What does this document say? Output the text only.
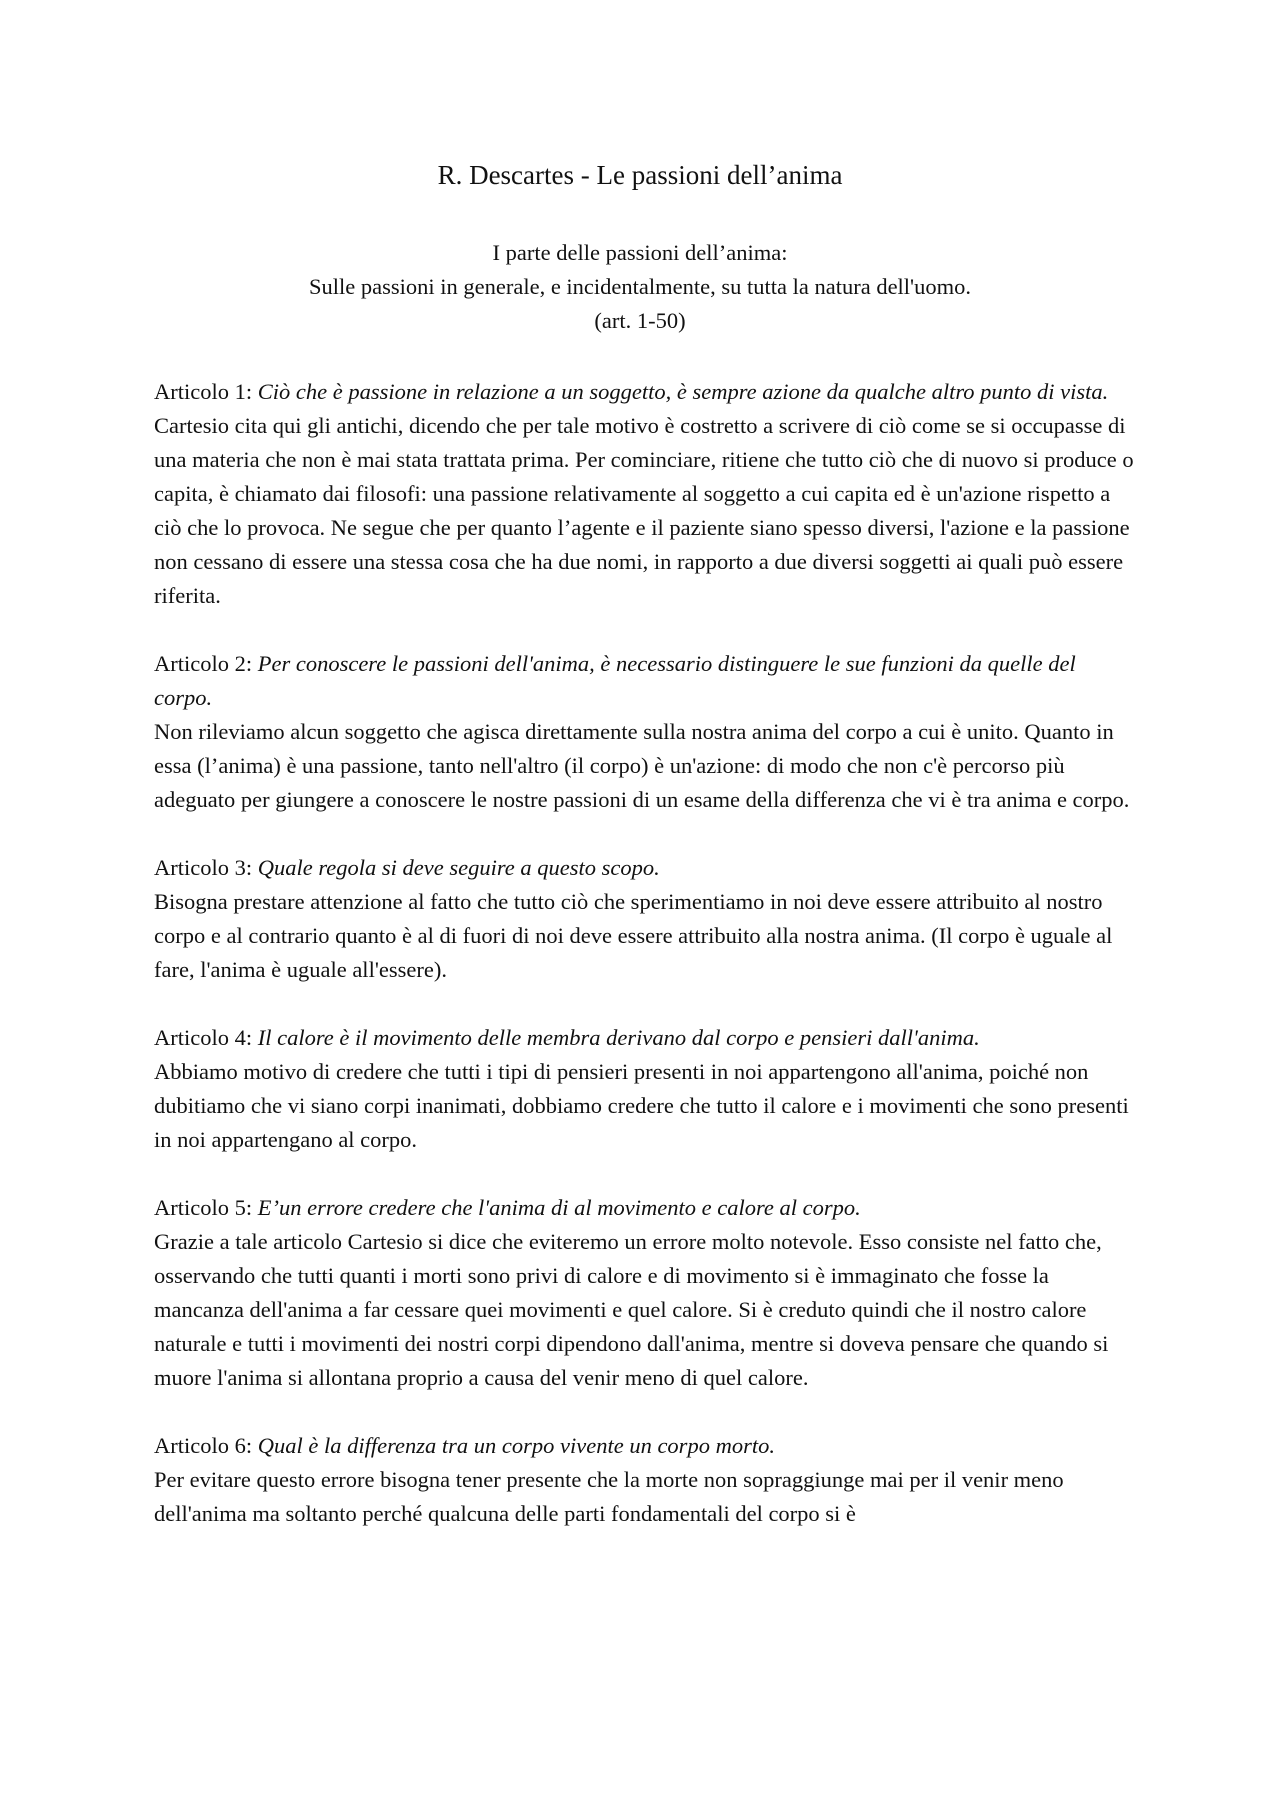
R. Descartes - Le passioni dell’anima
I parte delle passioni dell’anima:
Sulle passioni in generale, e incidentalmente, su tutta la natura dell'uomo.
(art. 1-50)
Articolo 1: Ciò che è passione in relazione a un soggetto, è sempre azione da qualche altro punto di vista.

Cartesio cita qui gli antichi, dicendo che per tale motivo è costretto a scrivere di ciò come se si occupasse di una materia che non è mai stata trattata prima. Per cominciare, ritiene che tutto ciò che di nuovo si produce o capita, è chiamato dai filosofi: una passione relativamente al soggetto a cui capita ed è un'azione rispetto a ciò che lo provoca. Ne segue che per quanto l’agente e il paziente siano spesso diversi, l'azione e la passione non cessano di essere una stessa cosa che ha due nomi, in rapporto a due diversi soggetti ai quali può essere riferita.

Articolo 2: Per conoscere le passioni dell'anima, è necessario distinguere le sue funzioni da quelle del corpo.

Non rileviamo alcun soggetto che agisca direttamente sulla nostra anima del corpo a cui è unito. Quanto in essa (l’anima) è una passione, tanto nell'altro (il corpo) è un'azione: di modo che non c'è percorso più adeguato per giungere a conoscere le nostre passioni di un esame della differenza che vi è tra anima e corpo.

Articolo 3: Quale regola si deve seguire a questo scopo.

Bisogna prestare attenzione al fatto che tutto ciò che sperimentiamo in noi deve essere attribuito al nostro corpo e al contrario quanto è al di fuori di noi deve essere attribuito alla nostra anima. (Il corpo è uguale al fare, l'anima è uguale all'essere).

Articolo 4: Il calore è il movimento delle membra derivano dal corpo e pensieri dall'anima.

Abbiamo motivo di credere che tutti i tipi di pensieri presenti in noi appartengono all'anima, poiché non dubitiamo che vi siano corpi inanimati, dobbiamo credere che tutto il calore e i movimenti che sono presenti in noi appartengano al corpo.

Articolo 5: E’un errore credere che l'anima di al movimento e calore al corpo.

Grazie a tale articolo Cartesio si dice che eviteremo un errore molto notevole. Esso consiste nel fatto che, osservando che tutti quanti i morti sono privi di calore e di movimento si è immaginato che fosse la mancanza dell'anima a far cessare quei movimenti e quel calore. Si è creduto quindi che il nostro calore naturale e tutti i movimenti dei nostri corpi dipendono dall'anima, mentre si doveva pensare che quando si muore l'anima si allontana proprio a causa del venir meno di quel calore.

Articolo 6: Qual è la differenza tra un corpo vivente un corpo morto.

Per evitare questo errore bisogna tener presente che la morte non sopraggiunge mai per il venir meno dell'anima ma soltanto perché qualcuna delle parti fondamentali del corpo si è
